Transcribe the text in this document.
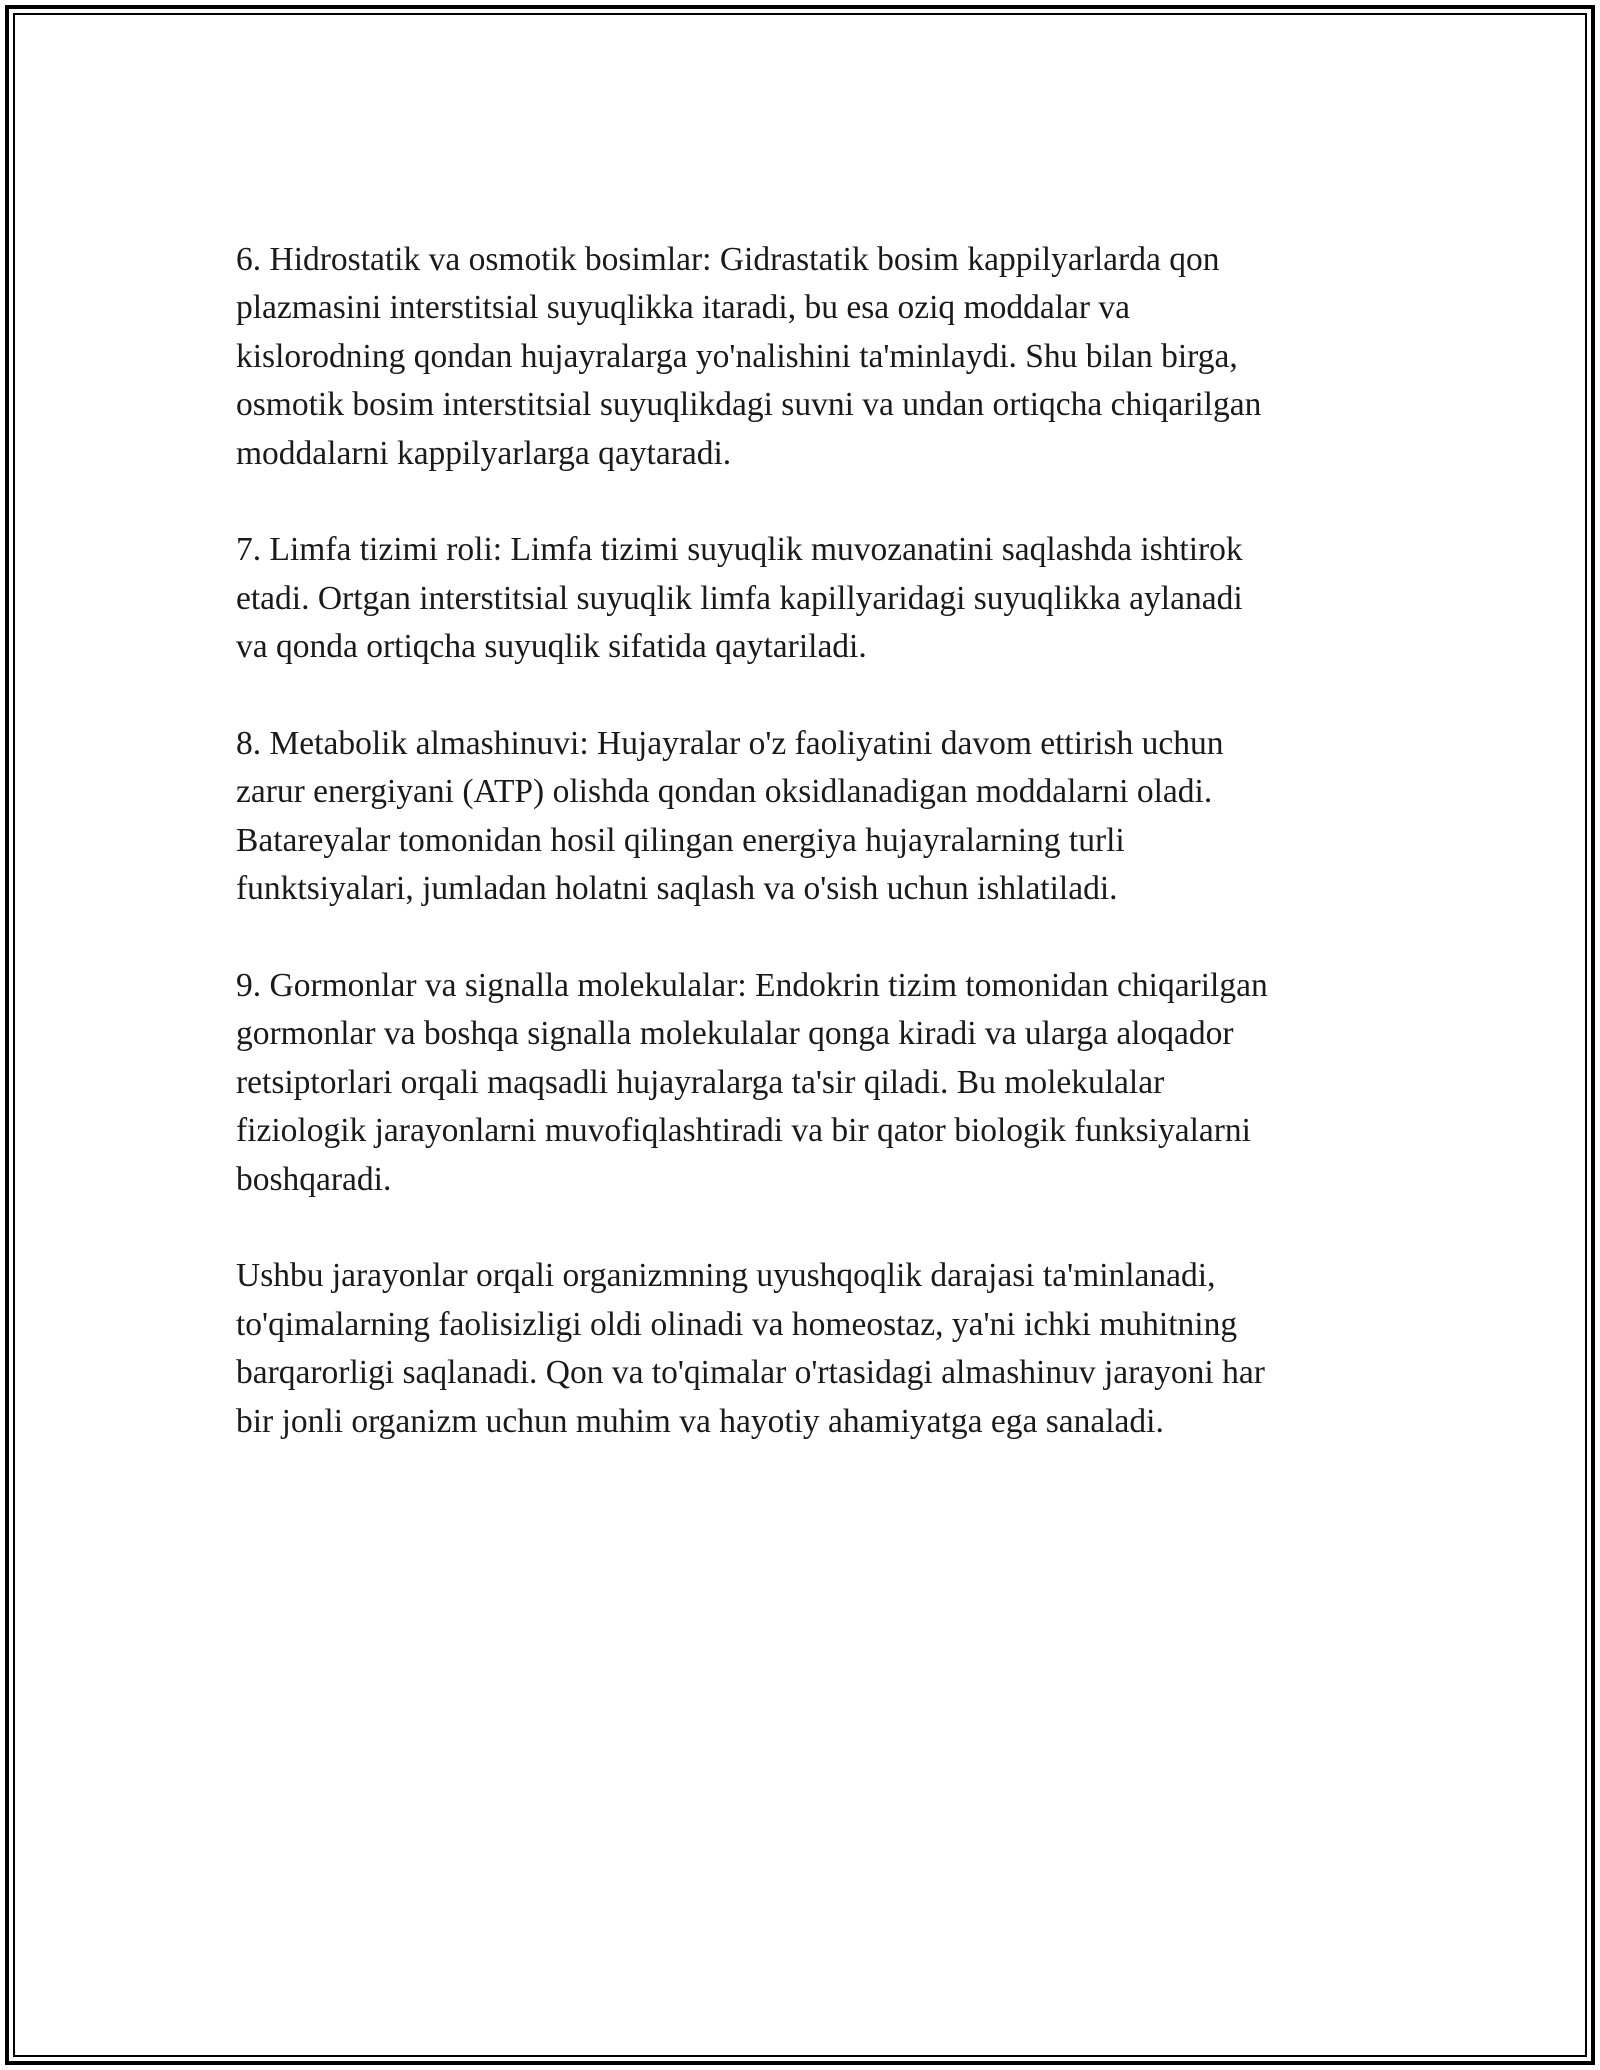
6. Hidrostatik va osmotik bosimlar: Gidrastatik bosim kappilyarlarda qon
plazmasini interstitsial suyuqlikka itaradi, bu esa oziq moddalar va
kislorodning qondan hujayralarga yo'nalishini ta'minlaydi. Shu bilan birga,
osmotik bosim interstitsial suyuqlikdagi suvni va undan ortiqcha chiqarilgan
moddalarni kappilyarlarga qaytaradi.

7. Limfa tizimi roli: Limfa tizimi suyuqlik muvozanatini saqlashda ishtirok
etadi. Ortgan interstitsial suyuqlik limfa kapillyaridagi suyuqlikka aylanadi
va qonda ortiqcha suyuqlik sifatida qaytariladi.

8. Metabolik almashinuvi: Hujayralar o'z faoliyatini davom ettirish uchun
zarur energiyani (ATP) olishda qondan oksidlanadigan moddalarni oladi.
Batareyalar tomonidan hosil qilingan energiya hujayralarning turli
funktsiyalari, jumladan holatni saqlash va o'sish uchun ishlatiladi.

9. Gormonlar va signalla molekulalar: Endokrin tizim tomonidan chiqarilgan
gormonlar va boshqa signalla molekulalar qonga kiradi va ularga aloqador
retsiptorlari orqali maqsadli hujayralarga ta'sir qiladi. Bu molekulalar
fiziologik jarayonlarni muvofiqlashtiradi va bir qator biologik funksiyalarni
boshqaradi.

Ushbu jarayonlar orqali organizmning uyushqoqlik darajasi ta'minlanadi,
to'qimalarning faolisizligi oldi olinadi va homeostaz, ya'ni ichki muhitning
barqarorligi saqlanadi. Qon va to'qimalar o'rtasidagi almashinuv jarayoni har
bir jonli organizm uchun muhim va hayotiy ahamiyatga ega sanaladi.
